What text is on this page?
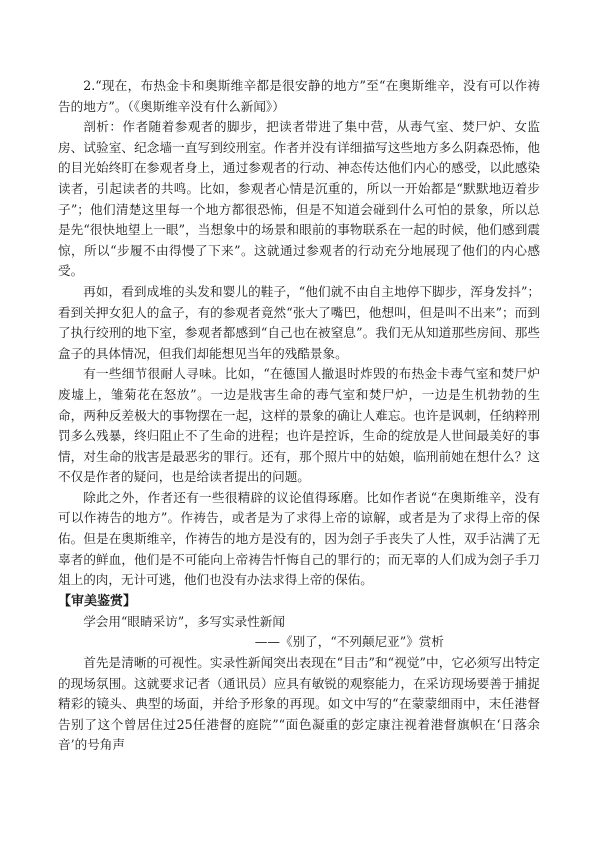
2.“现在，布热金卡和奥斯维辛都是很安静的地方”至“在奥斯维辛，没有可以作祷告的地方”。（《奥斯维辛没有什么新闻》）

剖析：作者随着参观者的脚步，把读者带进了集中营，从毒气室、焚尸炉、女监房、试验室、纪念墙一直写到绞刑室。作者并没有详细描写这些地方多么阴森恐怖，他的目光始终盯在参观者身上，通过参观者的行动、神态传达他们内心的感受，以此感染读者，引起读者的共鸣。比如，参观者心情是沉重的，所以一开始都是“默默地迈着步子”；他们清楚这里每一个地方都很恐怖，但是不知道会碰到什么可怕的景象，所以总是先“很快地望上一眼”，当想象中的场景和眼前的事物联系在一起的时候，他们感到震惊，所以“步履不由得慢了下来”。这就通过参观者的行动充分地展现了他们的内心感受。

再如，看到成堆的头发和婴儿的鞋子，“他们就不由自主地停下脚步，浑身发抖”；看到关押女犯人的盒子，有的参观者竟然“张大了嘴巴，他想叫，但是叫不出来”；而到了执行绞刑的地下室，参观者都感到“自己也在被窒息”。我们无从知道那些房间、那些盒子的具体情况，但我们却能想见当年的残酷景象。

有一些细节很耐人寻味。比如，“在德国人撤退时炸毁的布热金卡毒气室和焚尸炉废墟上，雏菊花在怒放”。一边是戕害生命的毒气室和焚尸炉，一边是生机勃勃的生命，两种反差极大的事物摆在一起，这样的景象的确让人难忘。也许是讽刺，任纳粹刑罚多么残暴，终归阻止不了生命的进程；也许是控诉，生命的绽放是人世间最美好的事情，对生命的戕害是最恶劣的罪行。还有，那个照片中的姑娘，临刑前她在想什么？这不仅是作者的疑问，也是给读者提出的问题。

除此之外，作者还有一些很精辟的议论值得琢磨。比如作者说“在奥斯维辛，没有可以作祷告的地方”。作祷告，或者是为了求得上帝的谅解，或者是为了求得上帝的保佑。但是在奥斯维辛，作祷告的地方是没有的，因为刽子手丧失了人性，双手沾满了无辜者的鲜血，他们是不可能向上帝祷告忏悔自己的罪行的；而无辜的人们成为刽子手刀俎上的肉，无计可逃，他们也没有办法求得上帝的保佑。

【审美鉴赏】

学会用“眼睛采访”，多写实录性新闻

——《别了，“不列颠尼亚”》赏析

首先是清晰的可视性。实录性新闻突出表现在“目击”和“视觉”中，它必须写出特定的现场氛围。这就要求记者（通讯员）应具有敏锐的观察能力，在采访现场要善于捕捉精彩的镜头、典型的场面，并给予形象的再现。如文中写的“在蒙蒙细雨中，末任港督告别了这个曾居住过25任港督的庭院”“面色凝重的彭定康注视着港督旗帜在‘日落余音’的号角声
